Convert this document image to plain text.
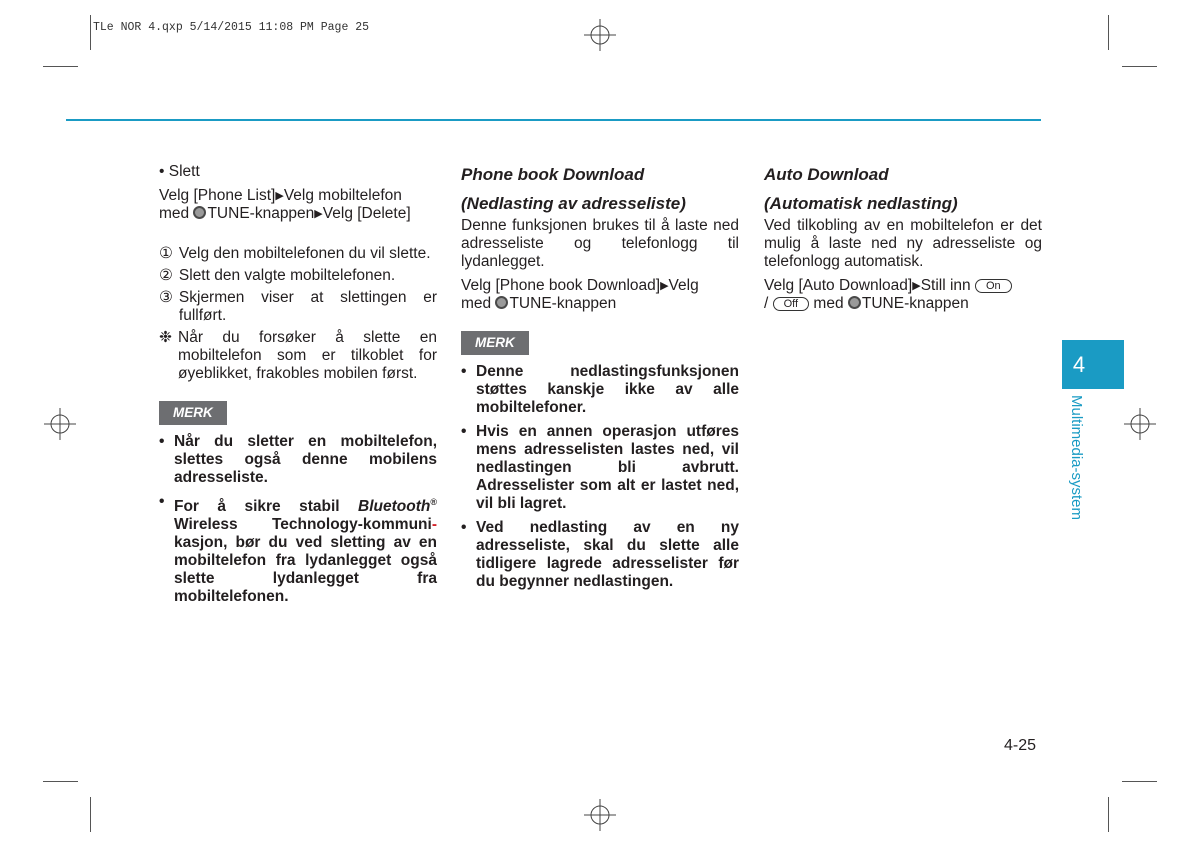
TLe NOR 4.qxp 5/14/2015 11:08 PM Page 25

• Slett

Velg [Phone List]▶Velg mobiltelefon
med TUNE-knappen▶Velg [Delete]

① Velg den mobiltelefonen du vil slette.
② Slett den valgte mobiltelefonen.
③ Skjermen viser at slettingen er fullført.
❉ Når du forsøker å slette en mobiltelefon som er tilkoblet for øyeblikket, frakobles mobilen først.
MERK
• Når du sletter en mobiltelefon, slettes også denne mobilens adresseliste.
• For å sikre stabil Bluetooth® Wireless Technology-kommuni-kasjon, bør du ved sletting av en mobiltelefon fra lydanlegget også slette lydanlegget fra mobiltelefonen.

Phone book Download

(Nedlasting av adresseliste)

Denne funksjonen brukes til å laste ned adresseliste og telefonlogg til lydanlegget.

Velg [Phone book Download]▶Velg
med TUNE-knappen

MERK
• Denne nedlastingsfunksjonen støttes kanskje ikke av alle mobiltelefoner.
• Hvis en annen operasjon utføres mens adresselisten lastes ned, vil nedlastingen bli avbrutt. Adresselister som alt er lastet ned, vil bli lagret.
• Ved nedlasting av en ny adresseliste, skal du slette alle tidligere lagrede adresselister før du begynner nedlastingen.

Auto Download

(Automatisk nedlasting)

Ved tilkobling av en mobiltelefon er det mulig å laste ned ny adresseliste og telefonlogg automatisk.

Velg [Auto Download]▶Still inn On
/ Off med TUNE-knappen

4
Multimedia-system
4-25
